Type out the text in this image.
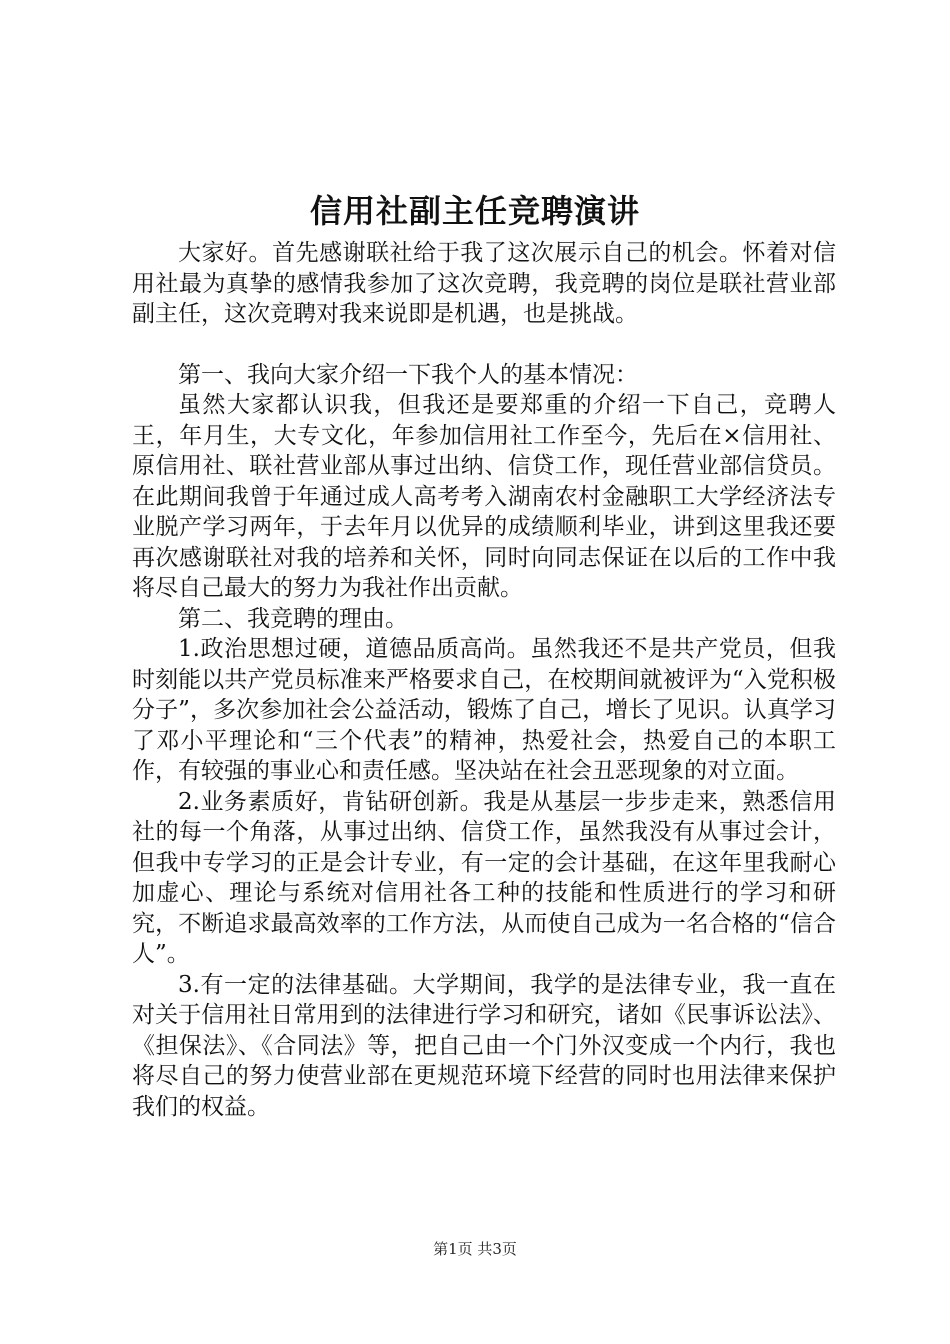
信用社副主任竞聘演讲

大家好。首先感谢联社给于我了这次展示自己的机会。怀着对信用社最为真挚的感情我参加了这次竞聘，我竞聘的岗位是联社营业部副主任，这次竞聘对我来说即是机遇，也是挑战。

第一、我向大家介绍一下我个人的基本情况：

虽然大家都认识我，但我还是要郑重的介绍一下自己，竞聘人王，年月生，大专文化，年参加信用社工作至今，先后在×信用社、原信用社、联社营业部从事过出纳、信贷工作，现任营业部信贷员。在此期间我曾于年通过成人高考考入湖南农村金融职工大学经济法专业脱产学习两年，于去年月以优异的成绩顺利毕业，讲到这里我还要再次感谢联社对我的培养和关怀，同时向同志保证在以后的工作中我将尽自己最大的努力为我社作出贡献。

第二、我竞聘的理由。

1.政治思想过硬，道德品质高尚。虽然我还不是共产党员，但我时刻能以共产党员标准来严格要求自己，在校期间就被评为“入党积极分子”，多次参加社会公益活动，锻炼了自己，增长了见识。认真学习了邓小平理论和“三个代表”的精神，热爱社会，热爱自己的本职工作，有较强的事业心和责任感。坚决站在社会丑恶现象的对立面。

2.业务素质好，肯钻研创新。我是从基层一步步走来，熟悉信用社的每一个角落，从事过出纳、信贷工作，虽然我没有从事过会计，但我中专学习的正是会计专业，有一定的会计基础，在这年里我耐心加虚心、理论与系统对信用社各工种的技能和性质进行的学习和研究，不断追求最高效率的工作方法，从而使自己成为一名合格的“信合人”。

3.有一定的法律基础。大学期间，我学的是法律专业，我一直在对关于信用社日常用到的法律进行学习和研究，诸如《民事诉讼法》、《担保法》、《合同法》等，把自己由一个门外汉变成一个内行，我也将尽自己的努力使营业部在更规范环境下经营的同时也用法律来保护我们的权益。

第1页 共3页
